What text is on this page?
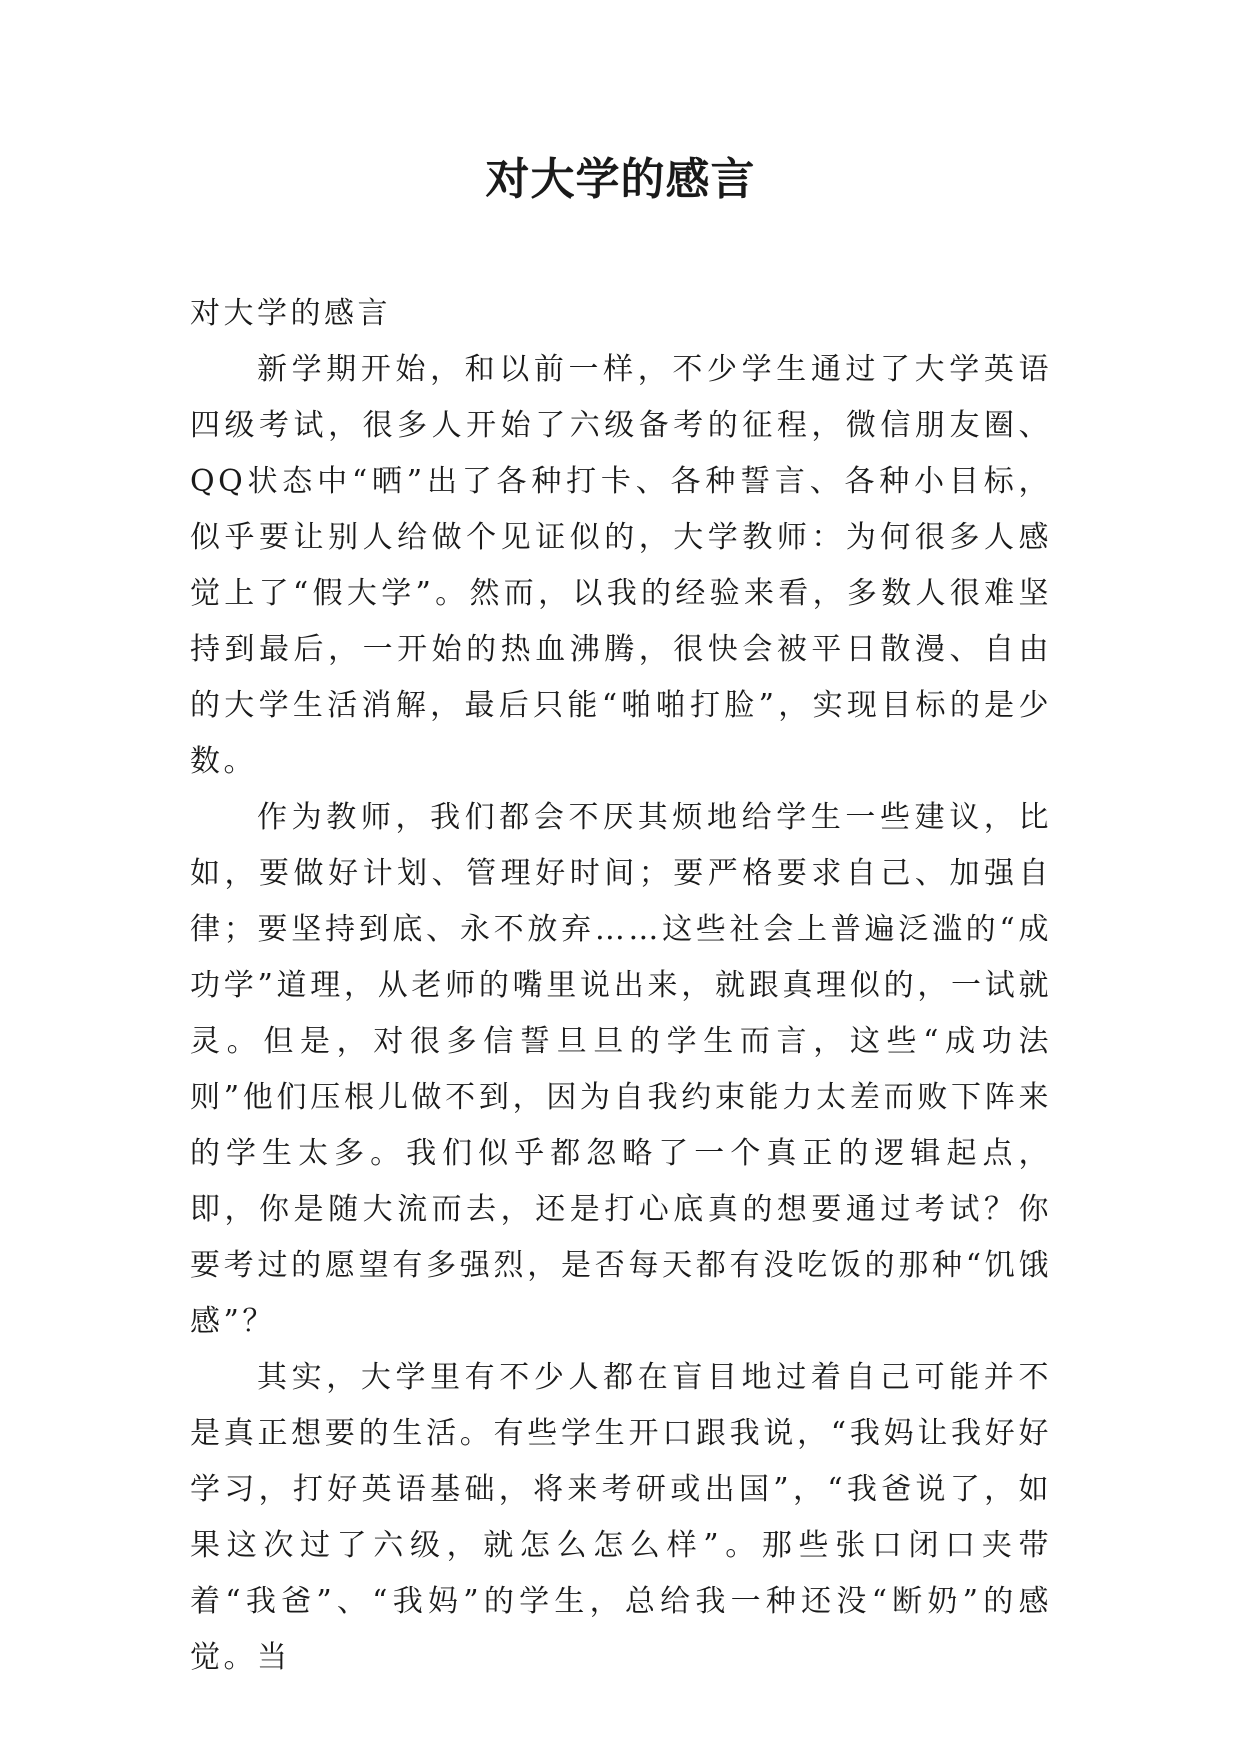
对大学的感言

对大学的感言

新学期开始，和以前一样，不少学生通过了大学英语四级考试，很多人开始了六级备考的征程，微信朋友圈、QQ状态中“晒”出了各种打卡、各种誓言、各种小目标，似乎要让别人给做个见证似的，大学教师：为何很多人感觉上了“假大学”。然而，以我的经验来看，多数人很难坚持到最后，一开始的热血沸腾，很快会被平日散漫、自由的大学生活消解，最后只能“啪啪打脸”，实现目标的是少数。

作为教师，我们都会不厌其烦地给学生一些建议，比如，要做好计划、管理好时间；要严格要求自己、加强自律；要坚持到底、永不放弃……这些社会上普遍泛滥的“成功学”道理，从老师的嘴里说出来，就跟真理似的，一试就灵。但是，对很多信誓旦旦的学生而言，这些“成功法则”他们压根儿做不到，因为自我约束能力太差而败下阵来的学生太多。我们似乎都忽略了一个真正的逻辑起点，即，你是随大流而去，还是打心底真的想要通过考试？你要考过的愿望有多强烈，是否每天都有没吃饭的那种“饥饿感”？

其实，大学里有不少人都在盲目地过着自己可能并不是真正想要的生活。有些学生开口跟我说，“我妈让我好好学习，打好英语基础，将来考研或出国”，“我爸说了，如果这次过了六级，就怎么怎么样”。那些张口闭口夹带着“我爸”、“我妈”的学生，总给我一种还没“断奶”的感觉。当
